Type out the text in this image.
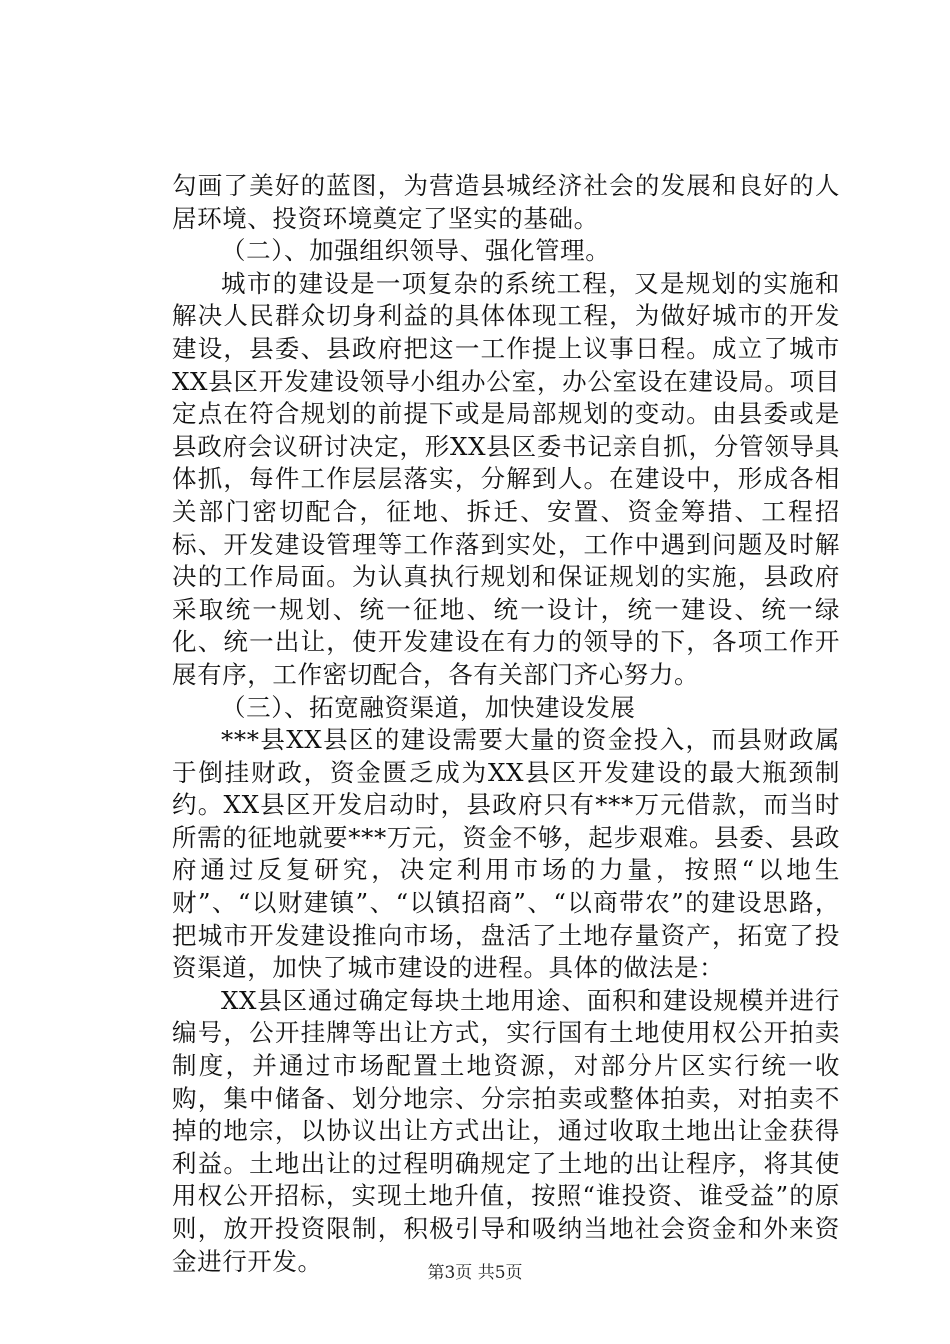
勾画了美好的蓝图，为营造县城经济社会的发展和良好的人居环境、投资环境奠定了坚实的基础。

（二）、加强组织领导、强化管理。

城市的建设是一项复杂的系统工程，又是规划的实施和解决人民群众切身利益的具体体现工程，为做好城市的开发建设，县委、县政府把这一工作提上议事日程。成立了城市XX县区开发建设领导小组办公室，办公室设在建设局。项目定点在符合规划的前提下或是局部规划的变动。由县委或是县政府会议研讨决定，形XX县区委书记亲自抓，分管领导具体抓，每件工作层层落实，分解到人。在建设中，形成各相关部门密切配合，征地、拆迁、安置、资金筹措、工程招标、开发建设管理等工作落到实处，工作中遇到问题及时解决的工作局面。为认真执行规划和保证规划的实施，县政府采取统一规划、统一征地、统一设计，统一建设、统一绿化、统一出让，使开发建设在有力的领导的下，各项工作开展有序，工作密切配合，各有关部门齐心努力。

（三）、拓宽融资渠道，加快建设发展

***县XX县区的建设需要大量的资金投入，而县财政属于倒挂财政，资金匮乏成为XX县区开发建设的最大瓶颈制约。XX县区开发启动时，县政府只有***万元借款，而当时所需的征地就要***万元，资金不够，起步艰难。县委、县政府通过反复研究，决定利用市场的力量，按照“以地生财”、“以财建镇”、“以镇招商”、“以商带农”的建设思路，把城市开发建设推向市场，盘活了土地存量资产，拓宽了投资渠道，加快了城市建设的进程。具体的做法是：

XX县区通过确定每块土地用途、面积和建设规模并进行编号，公开挂牌等出让方式，实行国有土地使用权公开拍卖制度，并通过市场配置土地资源，对部分片区实行统一收购，集中储备、划分地宗、分宗拍卖或整体拍卖，对拍卖不掉的地宗，以协议出让方式出让，通过收取土地出让金获得利益。土地出让的过程明确规定了土地的出让程序，将其使用权公开招标，实现土地升值，按照“谁投资、谁受益”的原则，放开投资限制，积极引导和吸纳当地社会资金和外来资金进行开发。	第3页 共5页
